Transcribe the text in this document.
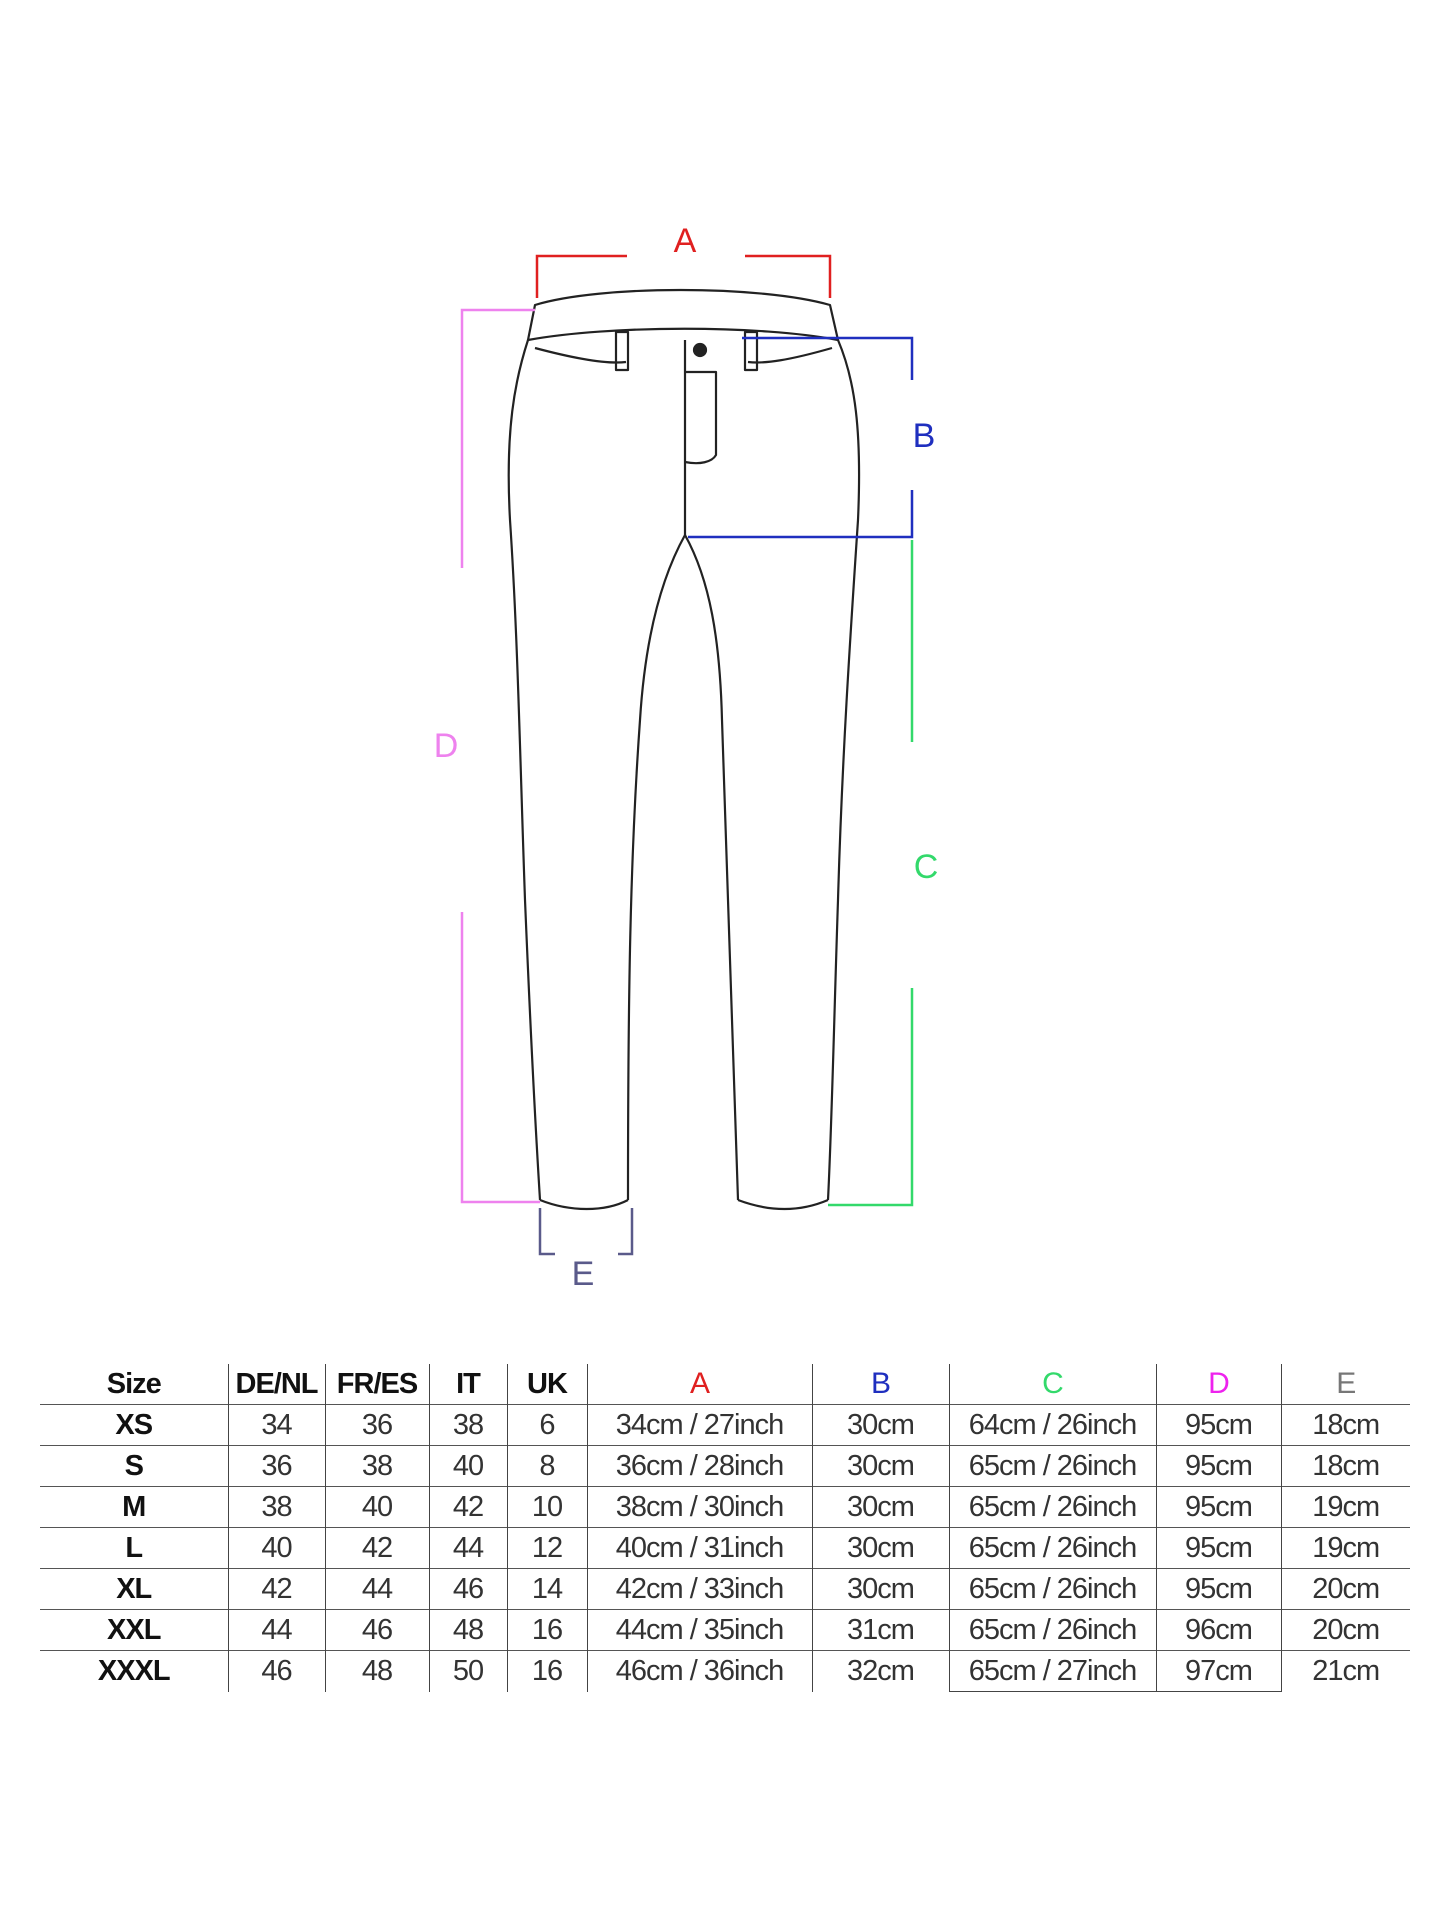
A
B
C
D
E
Size	DE/NL	FR/ES	IT	UK	A	B	C	D	E
XS	34	36	38	6	34cm / 27inch	30cm	64cm / 26inch	95cm	18cm
S	36	38	40	8	36cm / 28inch	30cm	65cm / 26inch	95cm	18cm
M	38	40	42	10	38cm / 30inch	30cm	65cm / 26inch	95cm	19cm
L	40	42	44	12	40cm / 31inch	30cm	65cm / 26inch	95cm	19cm
XL	42	44	46	14	42cm / 33inch	30cm	65cm / 26inch	95cm	20cm
XXL	44	46	48	16	44cm / 35inch	31cm	65cm / 26inch	96cm	20cm
XXXL	46	48	50	16	46cm / 36inch	32cm	65cm / 27inch	97cm	21cm
